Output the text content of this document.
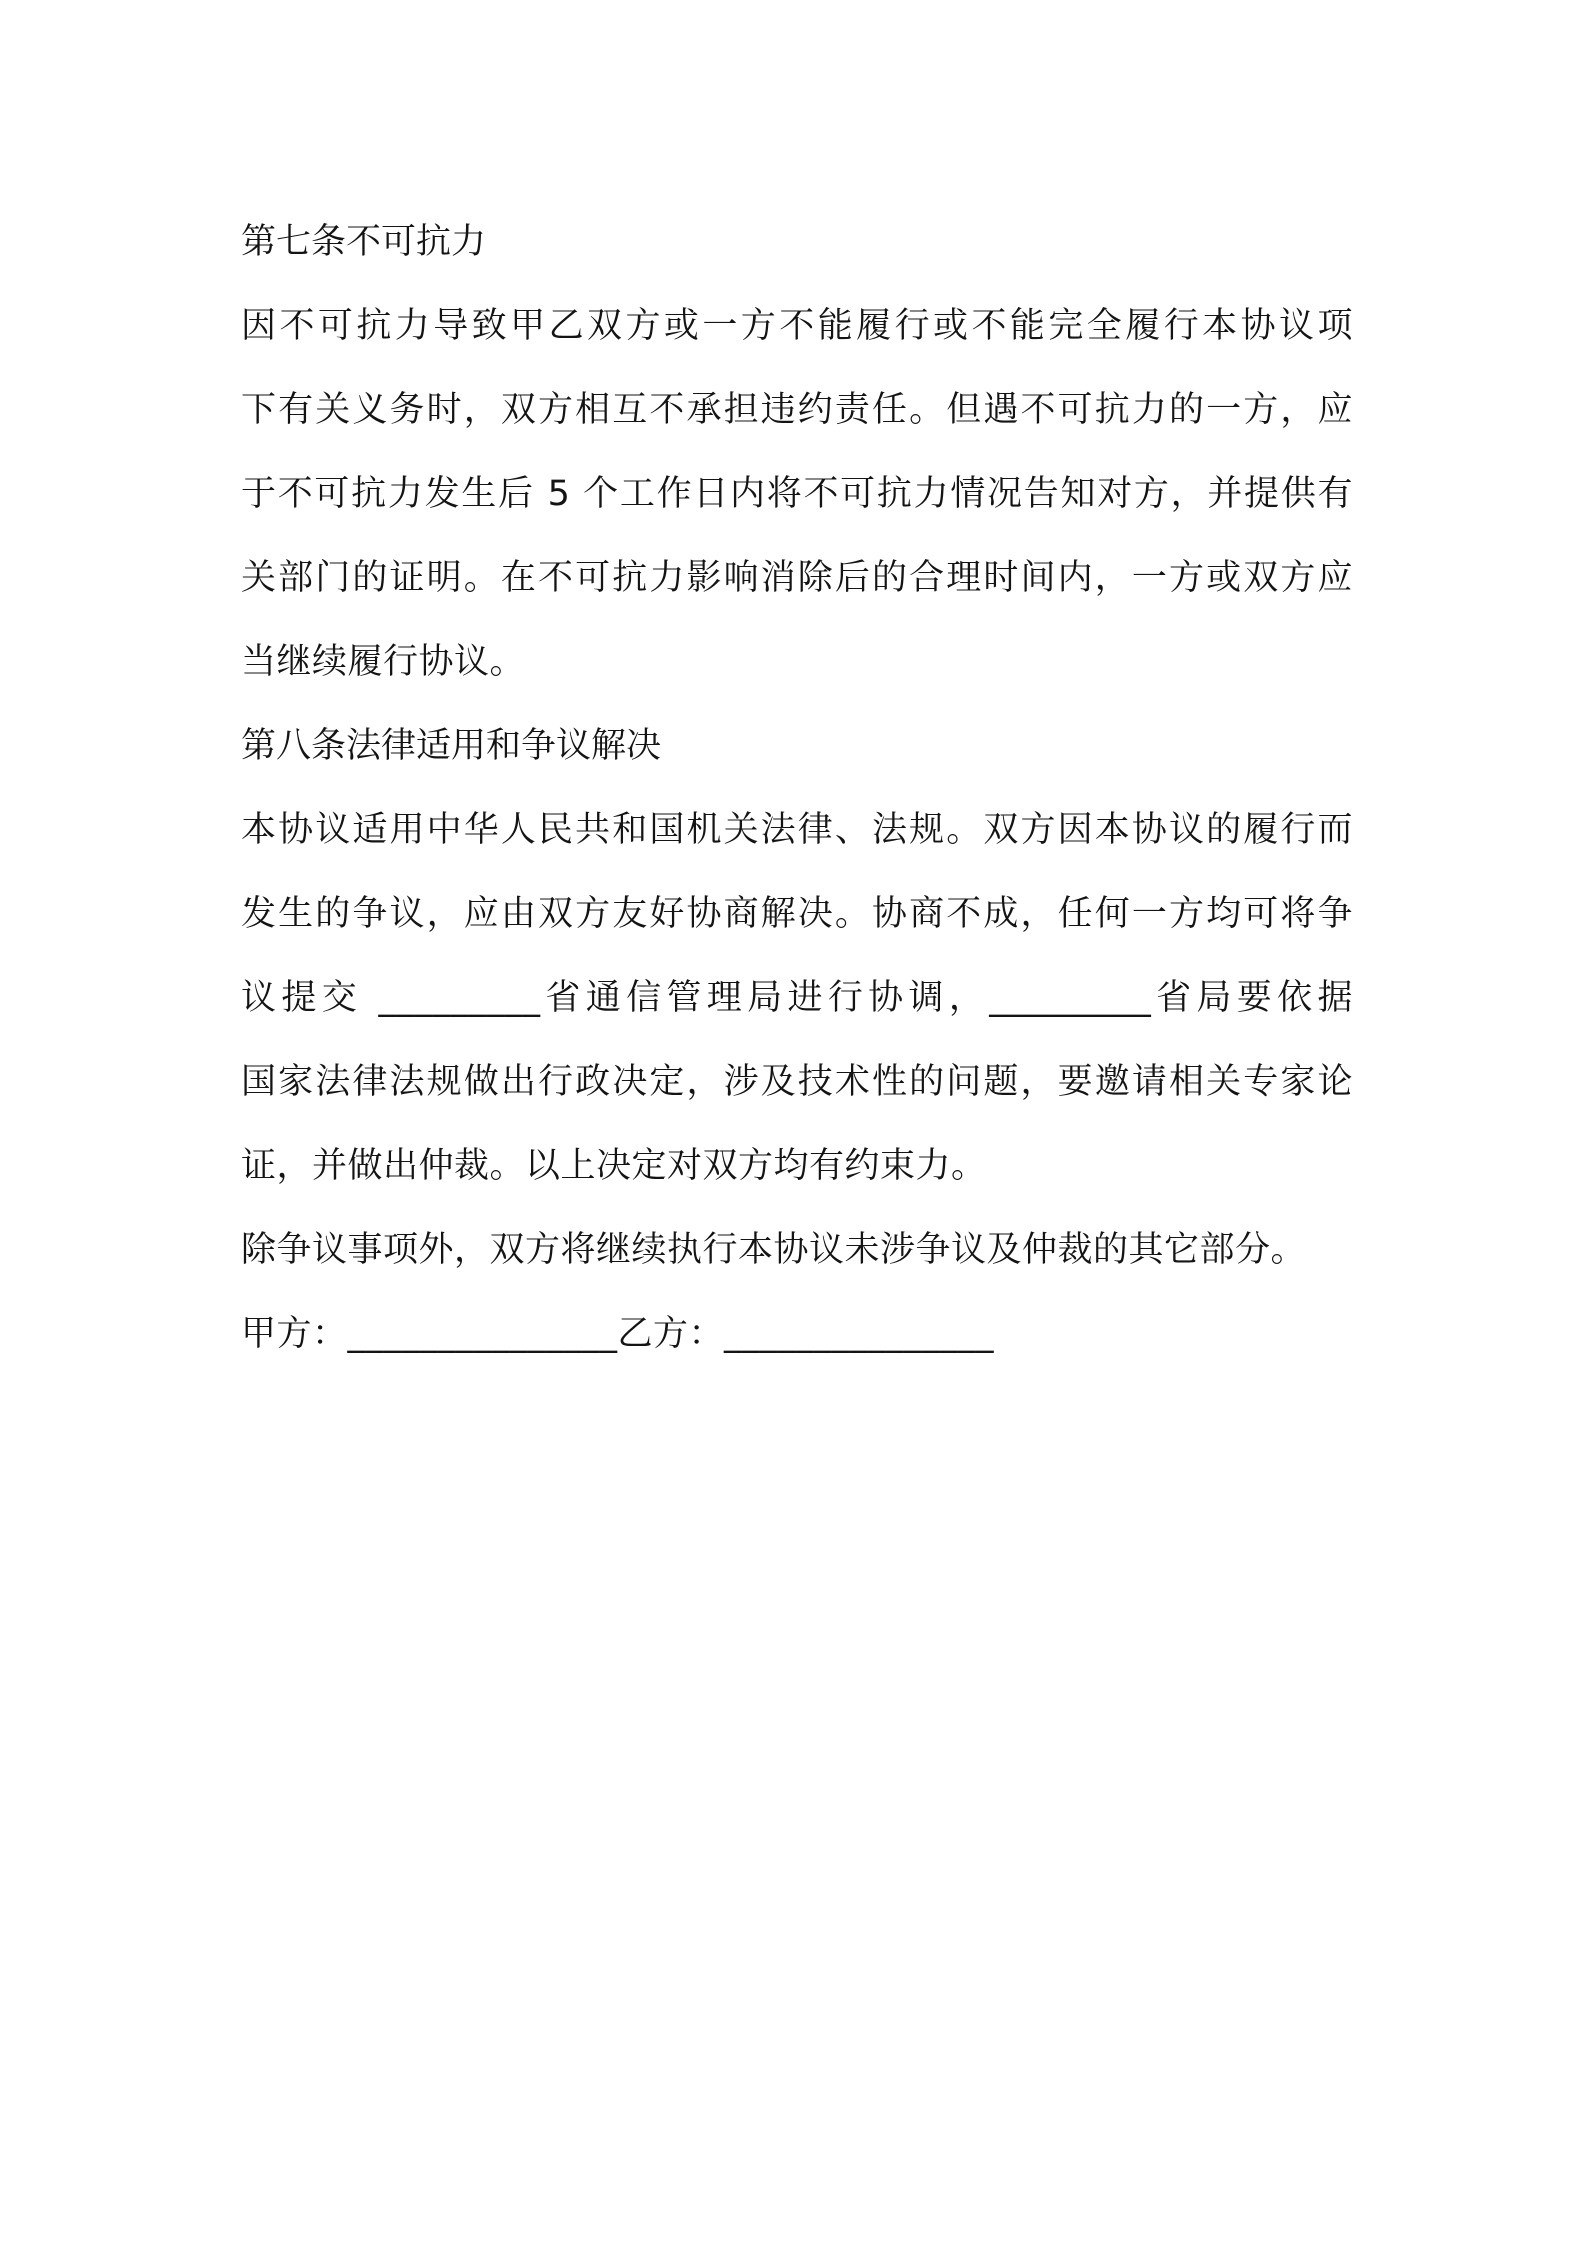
第七条不可抗力
因不可抗力导致甲乙双方或一方不能履行或不能完全履行本协议项
下有关义务时，双方相互不承担违约责任。但遇不可抗力的一方，应
于不可抗力发生后 5 个工作日内将不可抗力情况告知对方，并提供有
关部门的证明。在不可抗力影响消除后的合理时间内，一方或双方应
当继续履行协议。
第八条法律适用和争议解决
本协议适用中华人民共和国机关法律、法规。双方因本协议的履行而
发生的争议，应由双方友好协商解决。协商不成，任何一方均可将争
议提交 _________省通信管理局进行协调，_________省局要依据
国家法律法规做出行政决定，涉及技术性的问题，要邀请相关专家论
证，并做出仲裁。以上决定对双方均有约束力。
除争议事项外，双方将继续执行本协议未涉争议及仲裁的其它部分。
甲方：_______________乙方：_______________
